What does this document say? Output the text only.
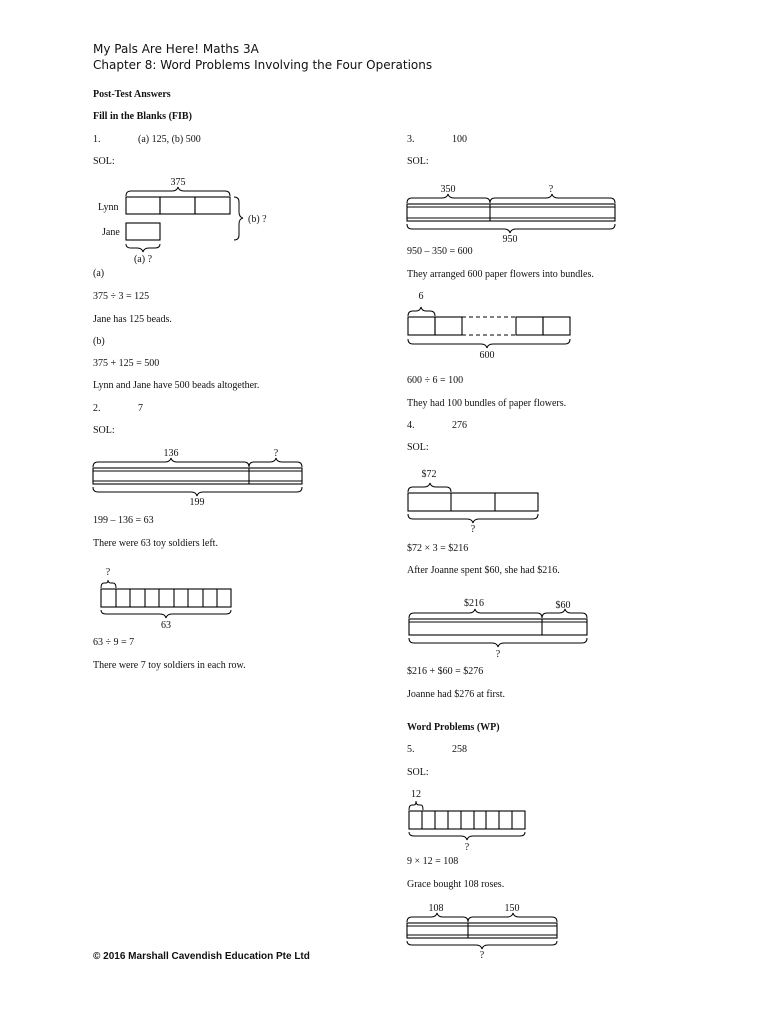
My Pals Are Here! Maths 3A
Chapter 8: Word Problems Involving the Four Operations
Post-Test Answers
Fill in the Blanks (FIB)
1.	(a) 125, (b) 500
SOL:
375
Lynn
Jane
(a) ?
(b) ?
(a)
375 ÷ 3 = 125
Jane has 125 beads.
(b)
375 + 125 = 500
Lynn and Jane have 500 beads altogether.
2.	7
SOL:
136	?
199
199 – 136 = 63
There were 63 toy soldiers left.
?
63
63 ÷ 9 = 7
There were 7 toy soldiers in each row.
3.	100
SOL:
350	?
950
950 – 350 = 600
They arranged 600 paper flowers into bundles.
6
600
600 ÷ 6 = 100
They had 100 bundles of paper flowers.
4.	276
SOL:
$72
?
$72 × 3 = $216
After Joanne spent $60, she had $216.
$216	$60
?
$216 + $60 = $276
Joanne had $276 at first.
Word Problems (WP)
5.	258
SOL:
12
?
9 × 12 = 108
Grace bought 108 roses.
108	150
?
© 2016 Marshall Cavendish Education Pte Ltd
